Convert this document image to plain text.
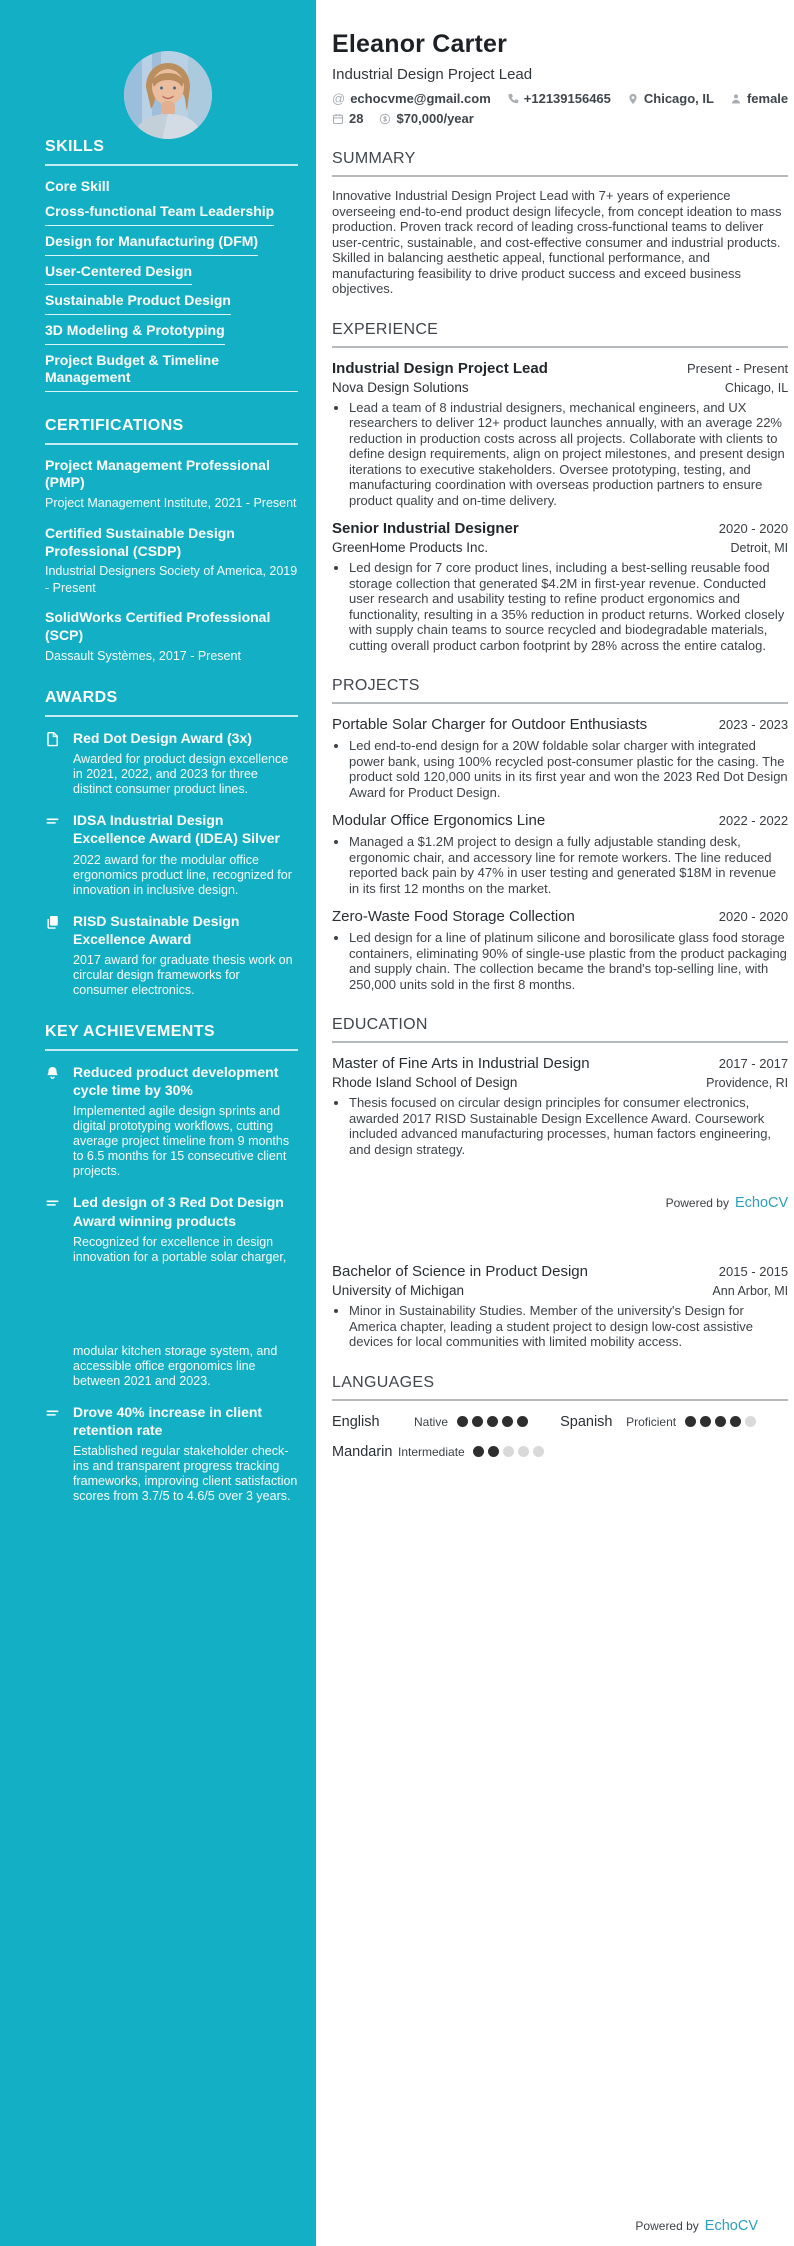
SKILLS
Core Skill
Cross-functional Team Leadership
Design for Manufacturing (DFM)
User-Centered Design
Sustainable Product Design
3D Modeling & Prototyping
Project Budget & Timeline Management
CERTIFICATIONS
Project Management Professional (PMP)
Project Management Institute, 2021 - Present
Certified Sustainable Design Professional (CSDP)
Industrial Designers Society of America, 2019 - Present
SolidWorks Certified Professional (SCP)
Dassault Systèmes, 2017 - Present
AWARDS
Red Dot Design Award (3x)
Awarded for product design excellence in 2021, 2022, and 2023 for three distinct consumer product lines.
IDSA Industrial Design Excellence Award (IDEA) Silver
2022 award for the modular office ergonomics product line, recognized for innovation in inclusive design.
RISD Sustainable Design Excellence Award
2017 award for graduate thesis work on circular design frameworks for consumer electronics.
KEY ACHIEVEMENTS
Reduced product development cycle time by 30%
Implemented agile design sprints and digital prototyping workflows, cutting average project timeline from 9 months to 6.5 months for 15 consecutive client projects.
Led design of 3 Red Dot Design Award winning products
Recognized for excellence in design innovation for a portable solar charger,
modular kitchen storage system, and accessible office ergonomics line between 2021 and 2023.
Drove 40% increase in client retention rate
Established regular stakeholder check-ins and transparent progress tracking frameworks, improving client satisfaction scores from 3.7/5 to 4.6/5 over 3 years.
Eleanor Carter
Industrial Design Project Lead
@ echocvme@gmail.com	+12139156465	Chicago, IL	female
28	$70,000/year
SUMMARY

Innovative Industrial Design Project Lead with 7+ years of experience overseeing end-to-end product design lifecycle, from concept ideation to mass production. Proven track record of leading cross-functional teams to deliver user-centric, sustainable, and cost-effective consumer and industrial products. Skilled in balancing aesthetic appeal, functional performance, and manufacturing feasibility to drive product success and exceed business objectives.

EXPERIENCE
Industrial Design Project Lead	Present - Present
Nova Design Solutions	Chicago, IL
• Lead a team of 8 industrial designers, mechanical engineers, and UX researchers to deliver 12+ product launches annually, with an average 22% reduction in production costs across all projects. Collaborate with clients to define design requirements, align on project milestones, and present design iterations to executive stakeholders. Oversee prototyping, testing, and manufacturing coordination with overseas production partners to ensure product quality and on-time delivery.
Senior Industrial Designer	2020 - 2020
GreenHome Products Inc.	Detroit, MI
• Led design for 7 core product lines, including a best-selling reusable food storage collection that generated $4.2M in first-year revenue. Conducted user research and usability testing to refine product ergonomics and functionality, resulting in a 35% reduction in product returns. Worked closely with supply chain teams to source recycled and biodegradable materials, cutting overall product carbon footprint by 28% across the entire catalog.
PROJECTS
Portable Solar Charger for Outdoor Enthusiasts	2023 - 2023
• Led end-to-end design for a 20W foldable solar charger with integrated power bank, using 100% recycled post-consumer plastic for the casing. The product sold 120,000 units in its first year and won the 2023 Red Dot Design Award for Product Design.
Modular Office Ergonomics Line	2022 - 2022
• Managed a $1.2M project to design a fully adjustable standing desk, ergonomic chair, and accessory line for remote workers. The line reduced reported back pain by 47% in user testing and generated $18M in revenue in its first 12 months on the market.
Zero-Waste Food Storage Collection	2020 - 2020
• Led design for a line of platinum silicone and borosilicate glass food storage containers, eliminating 90% of single-use plastic from the product packaging and supply chain. The collection became the brand's top-selling line, with 250,000 units sold in the first 8 months.
EDUCATION
Master of Fine Arts in Industrial Design	2017 - 2017
Rhode Island School of Design	Providence, RI
• Thesis focused on circular design principles for consumer electronics, awarded 2017 RISD Sustainable Design Excellence Award. Coursework included advanced manufacturing processes, human factors engineering, and design strategy.
Powered by EchoCV
Bachelor of Science in Product Design	2015 - 2015
University of Michigan	Ann Arbor, MI
• Minor in Sustainability Studies. Member of the university's Design for America chapter, leading a student project to design low-cost assistive devices for local communities with limited mobility access.
LANGUAGES
English	Native	Spanish	Proficient
Mandarin Intermediate
Powered by EchoCV
